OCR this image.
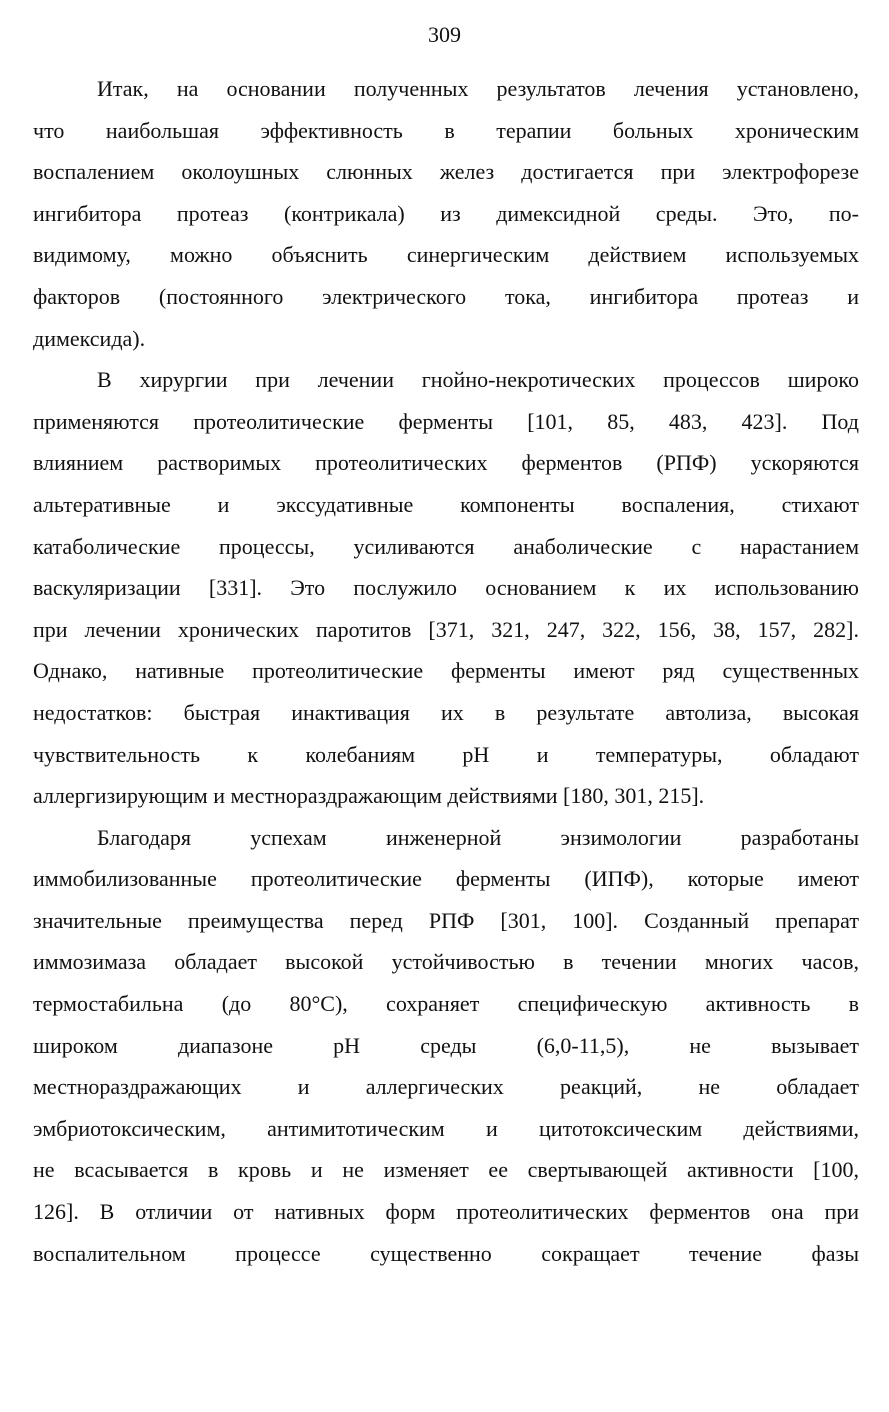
309
Итак, на основании полученных результатов лечения установлено,
что наибольшая эффективность в терапии больных хроническим
воспалением околоушных слюнных желез достигается при электрофорезе
ингибитора протеаз (контрикала) из димексидной среды. Это, по-
видимому, можно объяснить синергическим действием используемых
факторов (постоянного электрического тока, ингибитора протеаз и
димексида).
В хирургии при лечении гнойно-некротических процессов широко
применяются протеолитические ферменты [101, 85, 483, 423]. Под
влиянием растворимых протеолитических ферментов (РПФ) ускоряются
альтеративные и экссудативные компоненты воспаления, стихают
катаболические процессы, усиливаются анаболические с нарастанием
васкуляризации [331]. Это послужило основанием к их использованию
при лечении хронических паротитов [371, 321, 247, 322, 156, 38, 157, 282].
Однако, нативные протеолитические ферменты имеют ряд существенных
недостатков: быстрая инактивация их в результате автолиза, высокая
чувствительность к колебаниям pH и температуры, обладают
аллергизирующим и местнораздражающим действиями [180, 301, 215].
Благодаря успехам инженерной энзимологии разработаны
иммобилизованные протеолитические ферменты (ИПФ), которые имеют
значительные преимущества перед РПФ [301, 100]. Созданный препарат
иммозимаза обладает высокой устойчивостью в течении многих часов,
термостабильна (до 80°С), сохраняет специфическую активность в
широком диапазоне pH среды (6,0-11,5), не вызывает
местнораздражающих и аллергических реакций, не обладает
эмбриотоксическим, антимитотическим и цитотоксическим действиями,
не всасывается в кровь и не изменяет ее свертывающей активности [100,
126]. В отличии от нативных форм протеолитических ферментов она при
воспалительном процессе существенно сокращает течение фазы
